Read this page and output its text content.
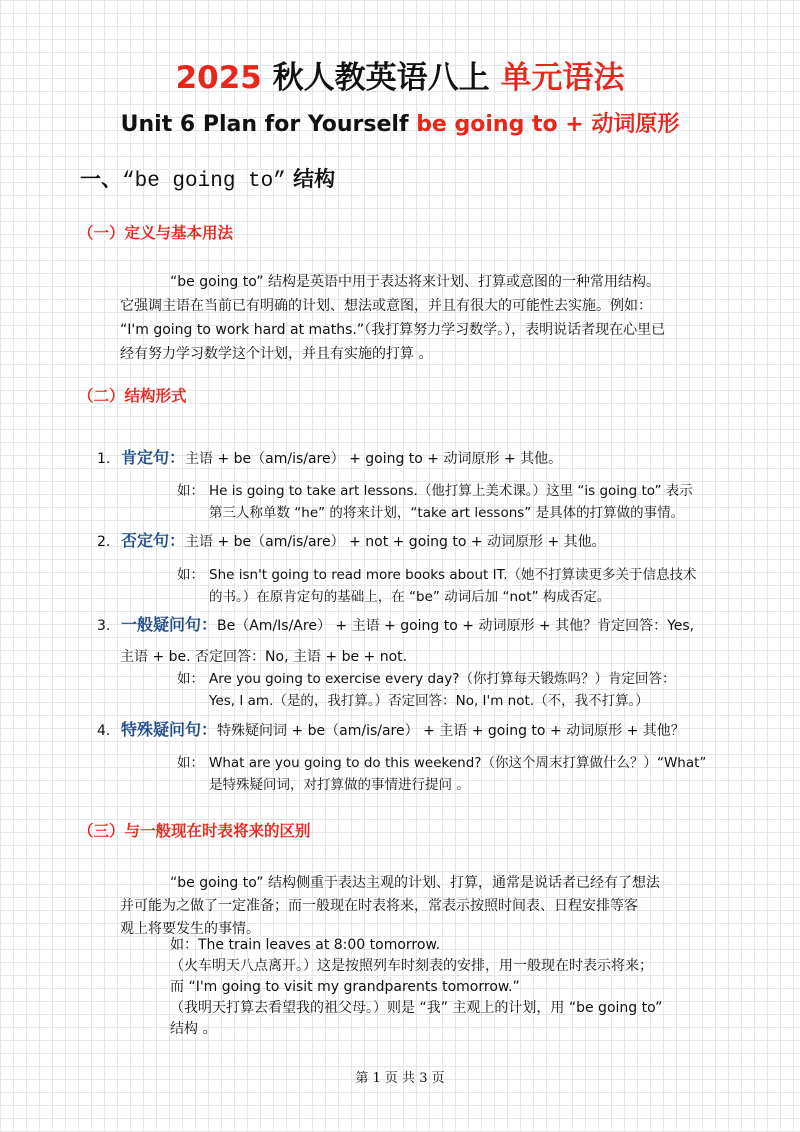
2025 秋人教英语八上 单元语法
Unit 6 Plan for Yourself be going to + 动词原形
一、“be going to” 结构
（一）定义与基本用法
“be going to” 结构是英语中用于表达将来计划、打算或意图的一种常用结构。
它强调主语在当前已有明确的计划、想法或意图，并且有很大的可能性去实施。例如：
“I'm going to work hard at maths.”（我打算努力学习数学。），表明说话者现在心里已
经有努力学习数学这个计划，并且有实施的打算 。
（二）结构形式
1. 肯定句：主语 + be（am/is/are） + going to + 动词原形 + 其他。
如： He is going to take art lessons.（他打算上美术课。）这里 “is going to” 表示
第三人称单数 “he” 的将来计划，“take art lessons” 是具体的打算做的事情。
2. 否定句：主语 + be（am/is/are） + not + going to + 动词原形 + 其他。
如： She isn't going to read more books about IT.（她不打算读更多关于信息技术
的书。）在原肯定句的基础上，在 “be” 动词后加 “not” 构成否定。
3. 一般疑问句：Be（Am/Is/Are） + 主语 + going to + 动词原形 + 其他？肯定回答：Yes,
主语 + be. 否定回答：No, 主语 + be + not.
如： Are you going to exercise every day?（你打算每天锻炼吗？）肯定回答：
Yes, I am.（是的，我打算。）否定回答：No, I'm not.（不，我不打算。）
4. 特殊疑问句：特殊疑问词 + be（am/is/are） + 主语 + going to + 动词原形 + 其他？
如： What are you going to do this weekend?（你这个周末打算做什么？）“What”
是特殊疑问词，对打算做的事情进行提问 。
（三）与一般现在时表将来的区别
“be going to” 结构侧重于表达主观的计划、打算，通常是说话者已经有了想法
并可能为之做了一定准备；而一般现在时表将来，常表示按照时间表、日程安排等客
观上将要发生的事情。
如：The train leaves at 8:00 tomorrow.
（火车明天八点离开。）这是按照列车时刻表的安排，用一般现在时表示将来；
而 “I'm going to visit my grandparents tomorrow.”
（我明天打算去看望我的祖父母。）则是 “我” 主观上的计划，用 “be going to”
结构 。
第 1 页 共 3 页
